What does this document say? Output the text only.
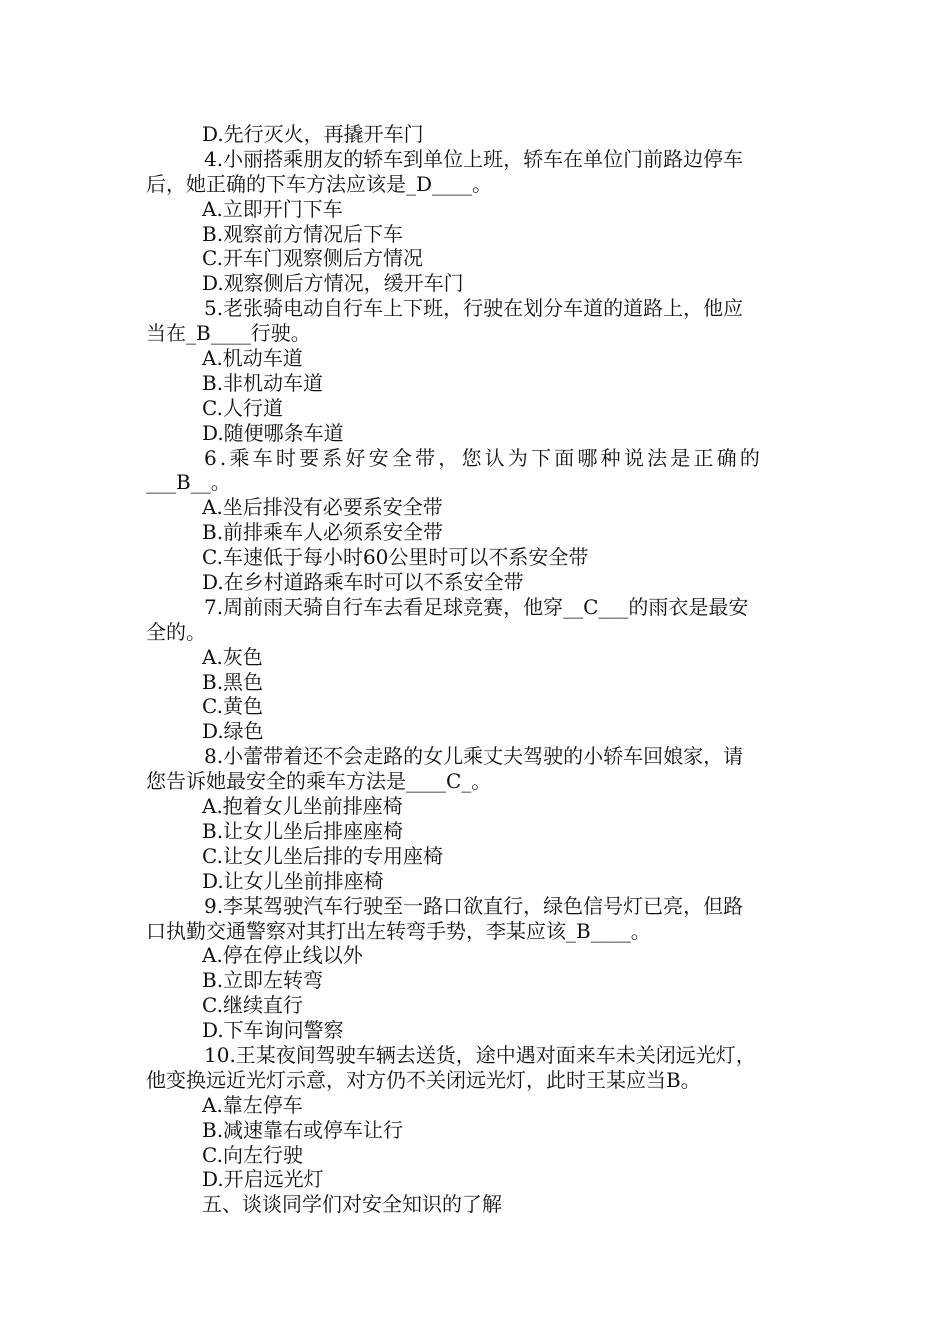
D.先行灭火，再撬开车门

4.小丽搭乘朋友的轿车到单位上班，轿车在单位门前路边停车

后，她正确的下车方法应该是_D____。

A.立即开门下车

B.观察前方情况后下车

C.开车门观察侧后方情况

D.观察侧后方情况，缓开车门

5.老张骑电动自行车上下班，行驶在划分车道的道路上，他应

当在_B____行驶。

A.机动车道

B.非机动车道

C.人行道

D.随便哪条车道

6.乘车时要系好安全带，您认为下面哪种说法是正确的

___B__。

A.坐后排没有必要系安全带

B.前排乘车人必须系安全带

C.车速低于每小时60公里时可以不系安全带

D.在乡村道路乘车时可以不系安全带

7.周前雨天骑自行车去看足球竞赛，他穿__C___的雨衣是最安

全的。

A.灰色

B.黑色

C.黄色

D.绿色

8.小蕾带着还不会走路的女儿乘丈夫驾驶的小轿车回娘家，请

您告诉她最安全的乘车方法是____C_。

A.抱着女儿坐前排座椅

B.让女儿坐后排座座椅

C.让女儿坐后排的专用座椅

D.让女儿坐前排座椅

9.李某驾驶汽车行驶至一路口欲直行，绿色信号灯已亮，但路

口执勤交通警察对其打出左转弯手势，李某应该_B____。

A.停在停止线以外

B.立即左转弯

C.继续直行

D.下车询问警察

10.王某夜间驾驶车辆去送货，途中遇对面来车未关闭远光灯，

他变换远近光灯示意，对方仍不关闭远光灯，此时王某应当B。

A.靠左停车

B.减速靠右或停车让行

C.向左行驶

D.开启远光灯

五、谈谈同学们对安全知识的了解
